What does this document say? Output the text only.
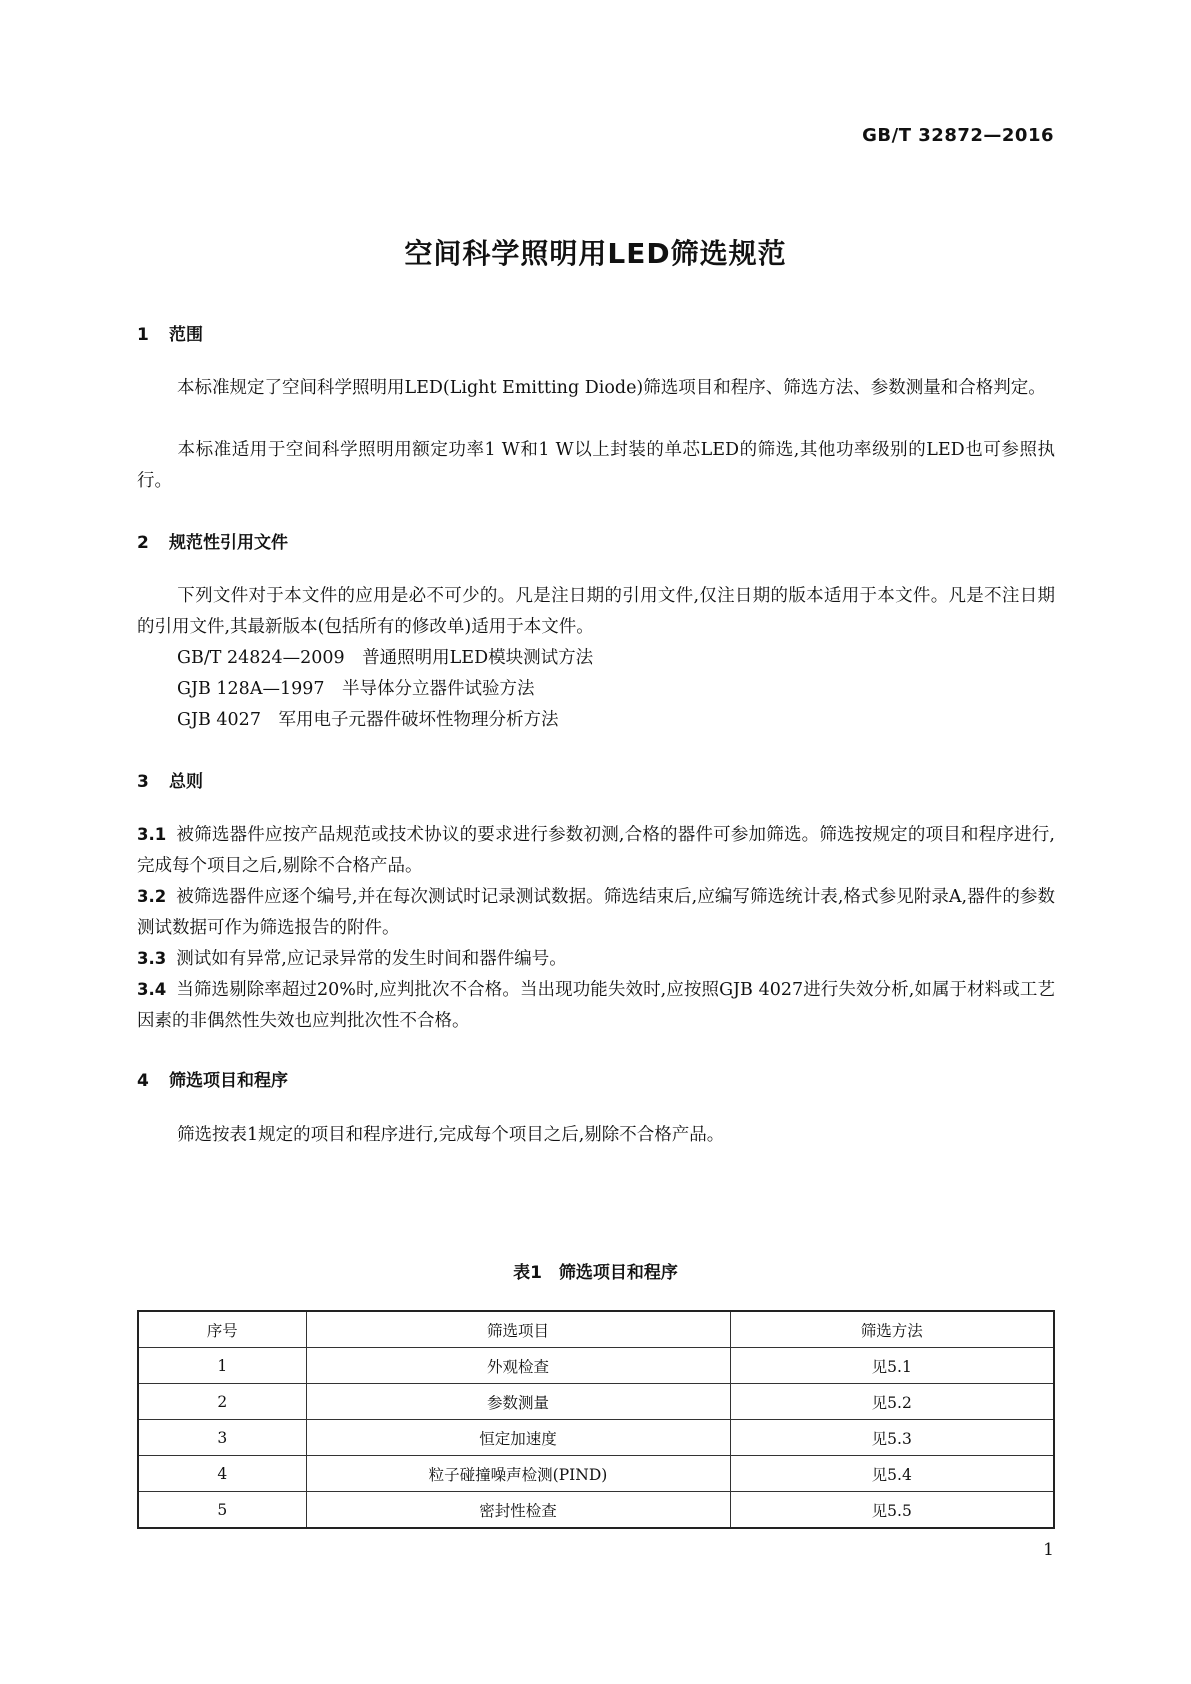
GB/T 32872—2016
空间科学照明用LED筛选规范
1 范围
本标准规定了空间科学照明用LED(Light Emitting Diode)筛选项目和程序、筛选方法、参数测量和合格判定。
本标准适用于空间科学照明用额定功率1 W和1 W以上封装的单芯LED的筛选,其他功率级别的LED也可参照执行。
2 规范性引用文件
下列文件对于本文件的应用是必不可少的。凡是注日期的引用文件,仅注日期的版本适用于本文件。凡是不注日期的引用文件,其最新版本(包括所有的修改单)适用于本文件。
GB/T 24824—2009　普通照明用LED模块测试方法
GJB 128A—1997　半导体分立器件试验方法
GJB 4027　军用电子元器件破坏性物理分析方法
3 总则
3.1 被筛选器件应按产品规范或技术协议的要求进行参数初测,合格的器件可参加筛选。筛选按规定的项目和程序进行,完成每个项目之后,剔除不合格产品。
3.2 被筛选器件应逐个编号,并在每次测试时记录测试数据。筛选结束后,应编写筛选统计表,格式参见附录A,器件的参数测试数据可作为筛选报告的附件。
3.3 测试如有异常,应记录异常的发生时间和器件编号。
3.4 当筛选剔除率超过20%时,应判批次不合格。当出现功能失效时,应按照GJB 4027进行失效分析,如属于材料或工艺因素的非偶然性失效也应判批次性不合格。
4 筛选项目和程序
筛选按表1规定的项目和程序进行,完成每个项目之后,剔除不合格产品。
表1　筛选项目和程序
序号	筛选项目	筛选方法
1	外观检查	见5.1
2	参数测量	见5.2
3	恒定加速度	见5.3
4	粒子碰撞噪声检测(PIND)	见5.4
5	密封性检查	见5.5
1
